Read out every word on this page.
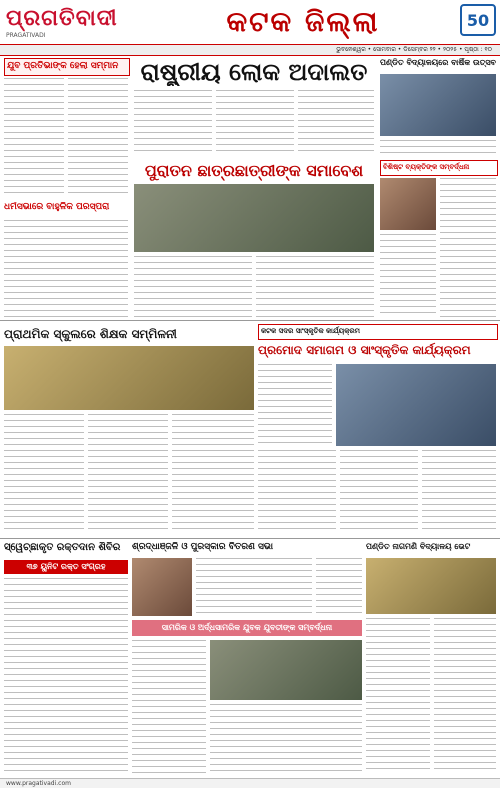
ପ୍ରଗତିବାଦୀ
PRAGATIVADI	କଟକ ଜିଲ୍ଲା	50
ଭୁବନେଶ୍ୱର • ସୋମବାର • ଡିସେମ୍ବର ୨୨ • ୨୦୨୫ • ପୃଷ୍ଠା : ୧୦
ଯୁବ ପ୍ରତିଭାଙ୍କ ହେଲା ସମ୍ମାନ ରାଷ୍ଟ୍ରୀୟ ଲୋକ ଅଦାଲତ	ପଣ୍ଡିତ ବିଦ୍ୟାଳୟରେ ବାର୍ଷିକ ଉତ୍ସବ
ପୁରାତନ ଛାତ୍ରଛାତ୍ରୀଙ୍କ ସମାବେଶ
ଧର୍ମସଭାରେ ବାହୁଳିକ ପରସ୍ପରା
ବିଶିଷ୍ଟ ବ୍ୟକ୍ତିଙ୍କ ସମ୍ବର୍ଦ୍ଧନା
ପ୍ରାଥମିକ ସ୍କୁଲରେ ଶିକ୍ଷକ ସମ୍ମିଳନୀ	କଟକ ସଦର ସାଂସ୍କୃତିକ କାର୍ଯ୍ୟକ୍ରମ
ପ୍ରମୋଦ ସମାଗମ ଓ ସାଂସ୍କୃତିକ କାର୍ଯ୍ୟକ୍ରମ
ସ୍ୱେଚ୍ଛାକୃତ ରକ୍ତଦାନ ଶିବିର
୩୭ ୟୁନିଟ ରକ୍ତ ସଂଗ୍ରହ
ଶ୍ରଦ୍ଧାଞ୍ଜଳି ଓ ପୁରସ୍କାର ବିତରଣ ସଭା
ସାମରିକ ଓ ଅର୍ଦ୍ଧସାମରିକ ଯୁବକ ଯୁବତୀଙ୍କ ସମ୍ବର୍ଦ୍ଧନା
ପଣ୍ଡିତ ନାଗମଣି ବିଦ୍ୟାଳୟ ଭେଟ
www.pragativadi.com
